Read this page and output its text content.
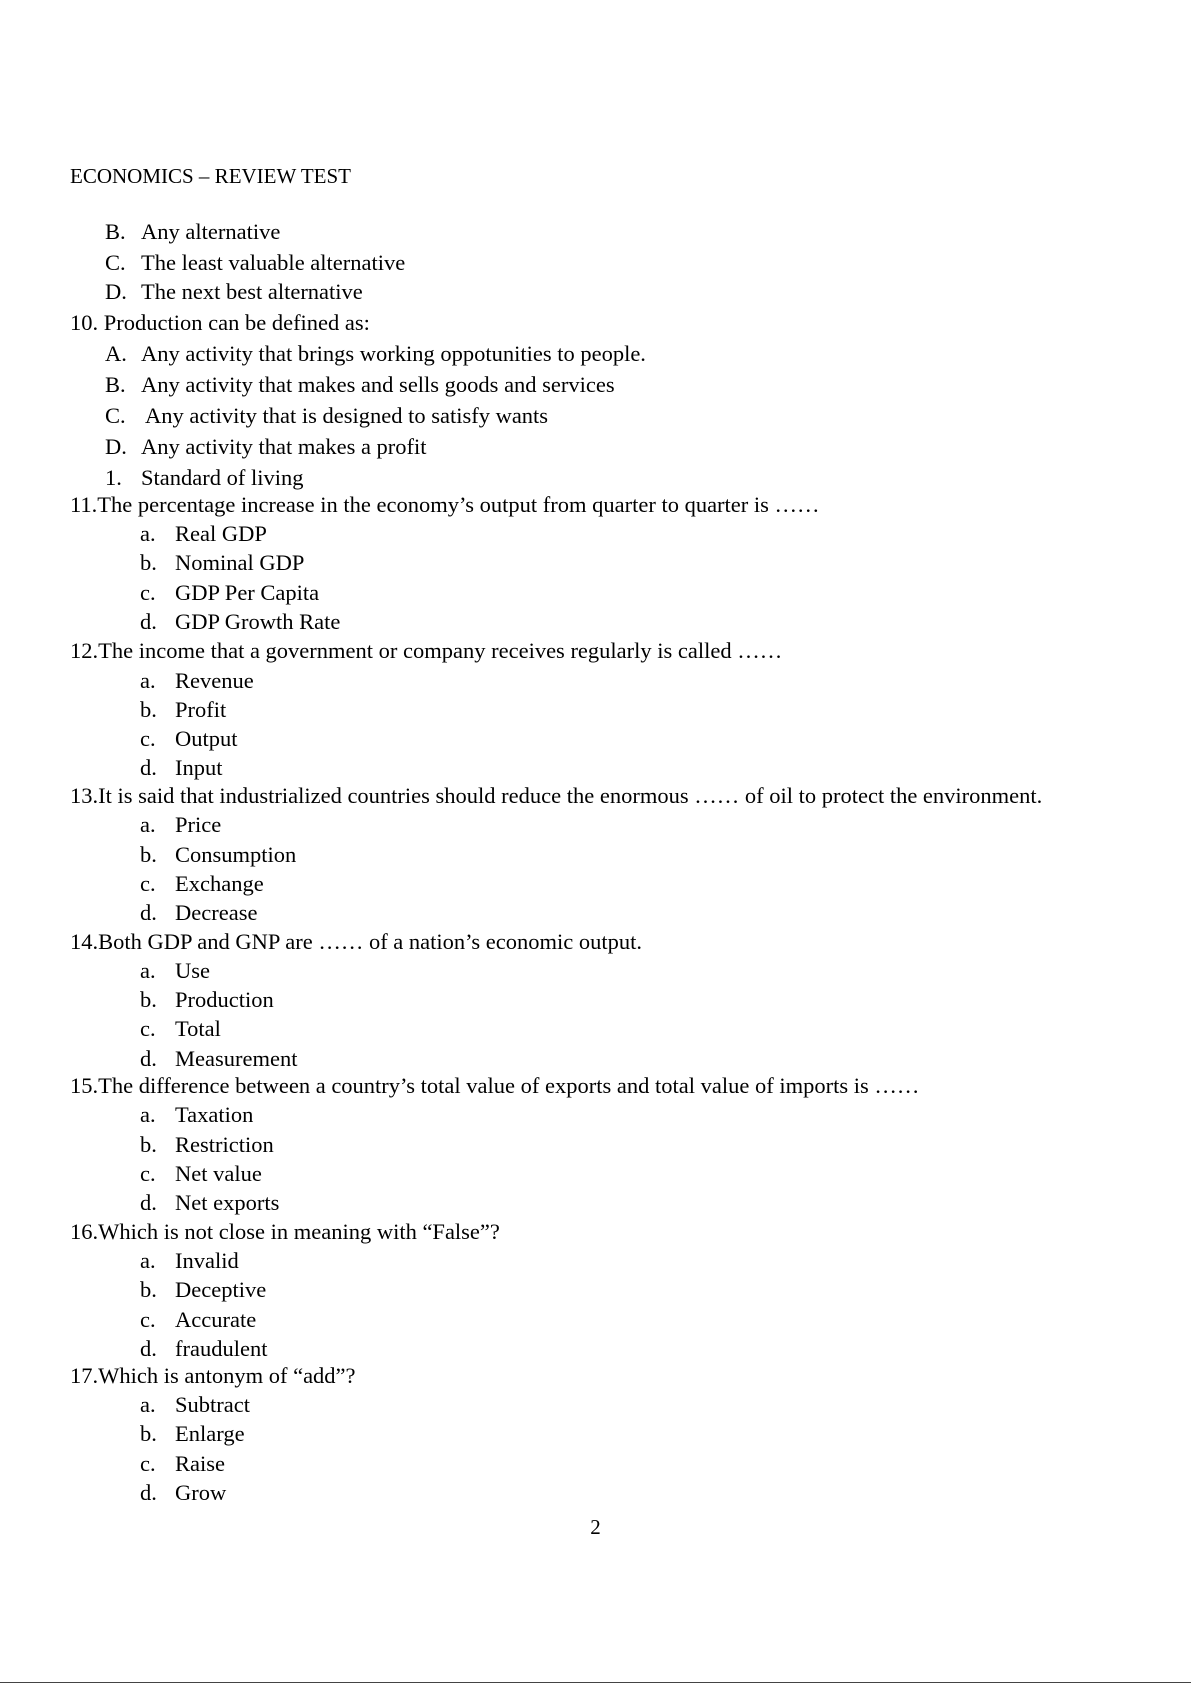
ECONOMICS – REVIEW TEST
B. Any alternative
C. The least valuable alternative
D. The next best alternative
10. Production can be defined as:
A. Any activity that brings working oppotunities to people.
B. Any activity that makes and sells goods and services
C. Any activity that is designed to satisfy wants
D. Any activity that makes a profit
1. Standard of living
11.The percentage increase in the economy’s output from quarter to quarter is ……
a. Real GDP
b. Nominal GDP
c. GDP Per Capita
d. GDP Growth Rate
12.The income that a government or company receives regularly is called ……
a. Revenue
b. Profit
c. Output
d. Input
13.It is said that industrialized countries should reduce the enormous …… of oil to protect the environment.
a. Price
b. Consumption
c. Exchange
d. Decrease
14.Both GDP and GNP are …… of a nation’s economic output.
a. Use
b. Production
c. Total
d. Measurement
15.The difference between a country’s total value of exports and total value of imports is ……
a. Taxation
b. Restriction
c. Net value
d. Net exports
16.Which is not close in meaning with “False”?
a. Invalid
b. Deceptive
c. Accurate
d. fraudulent
17.Which is antonym of “add”?
a. Subtract
b. Enlarge
c. Raise
d. Grow
2
